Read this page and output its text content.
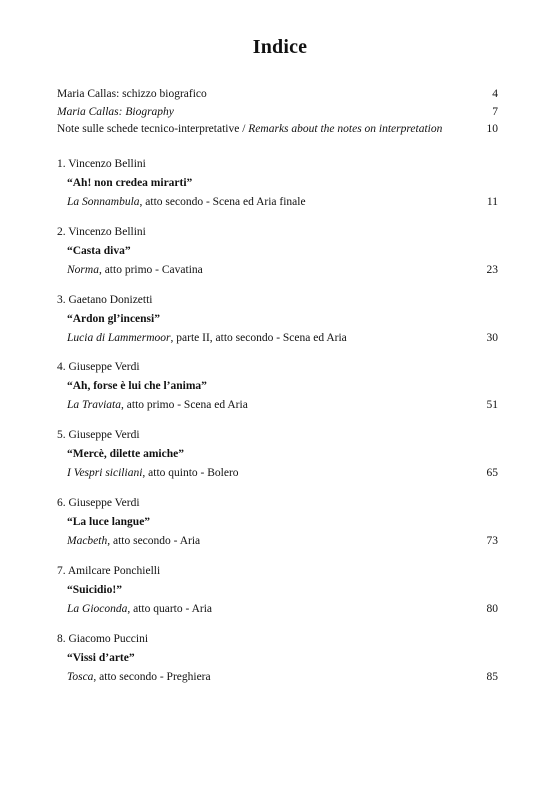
Indice
Maria Callas: schizzo biografico	4
Maria Callas: Biography	7
Note sulle schede tecnico-interpretative / Remarks about the notes on interpretation	10
1. Vincenzo Bellini
“Ah! non credea mirarti”
La Sonnambula, atto secondo - Scena ed Aria finale	11
2. Vincenzo Bellini
“Casta diva”
Norma, atto primo - Cavatina	23
3. Gaetano Donizetti
“Ardon gl’incensi”
Lucia di Lammermoor, parte II, atto secondo - Scena ed Aria	30
4. Giuseppe Verdi
“Ah, forse è lui che l’anima”
La Traviata, atto primo - Scena ed Aria	51
5. Giuseppe Verdi
“Mercè, dilette amiche”
I Vespri siciliani, atto quinto - Bolero	65
6. Giuseppe Verdi
“La luce langue”
Macbeth, atto secondo - Aria	73
7. Amilcare Ponchielli
“Suicidio!”
La Gioconda, atto quarto - Aria	80
8. Giacomo Puccini
“Vissi d’arte”
Tosca, atto secondo - Preghiera	85
